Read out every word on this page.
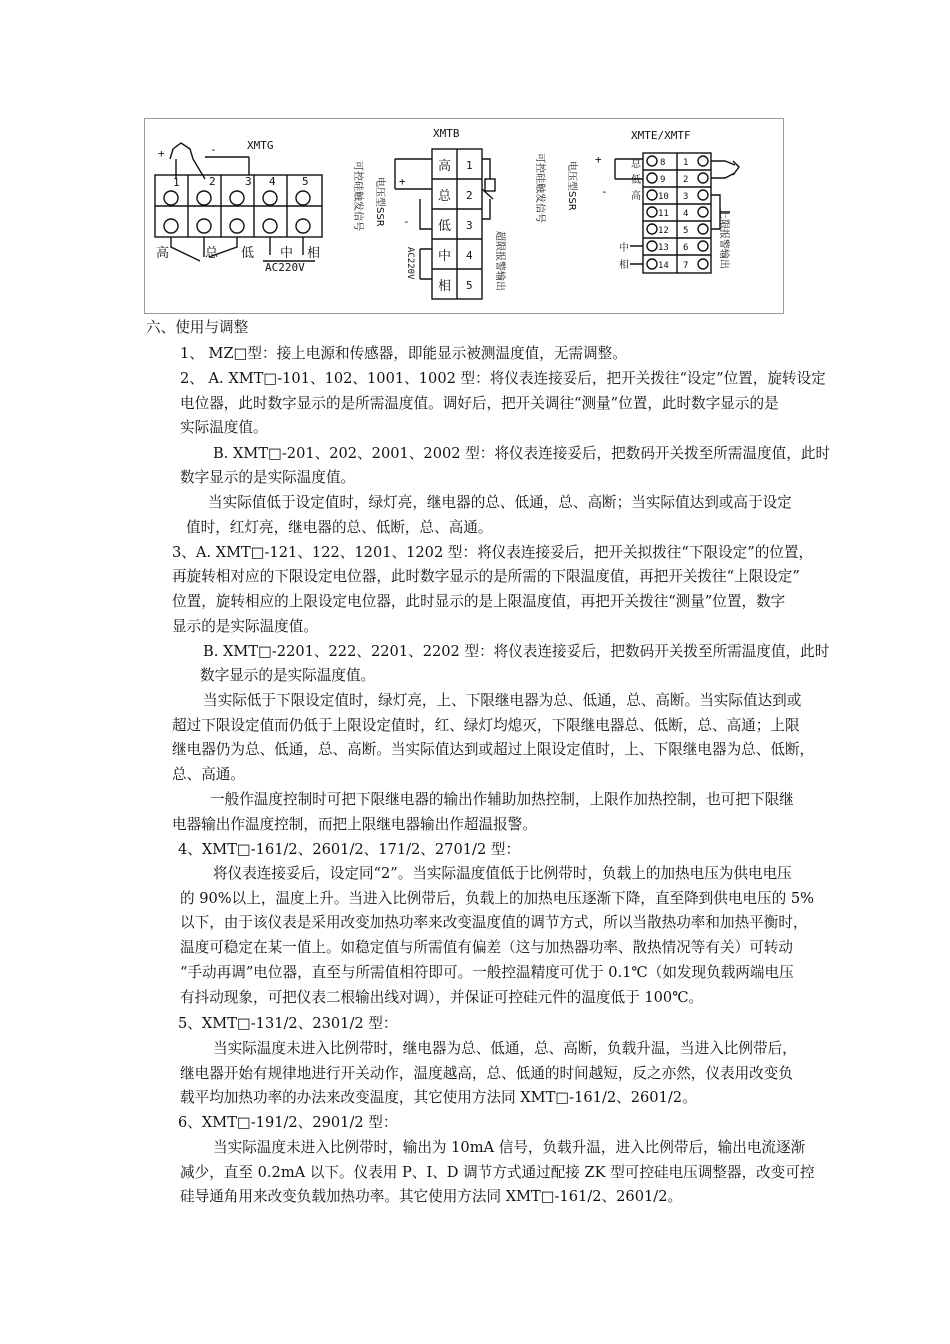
XMTG
+	-
1	2	3 4 5
高	总 低 中 相
AC220V
XMTB
可控硅触发信号 电压型SSR +
-
AC220V
高 1
总 2
低 3
中 4
相 5 超限报警输出
XMTE/XMTF
可控硅触发信号 电压型SSR
+
-
总
低
高
中
相
8 1
9 2
10 3
11 4
12 5
13 6
14 7	上限报警输出
六、使用与调整
1、 MZ□型：接上电源和传感器，即能显示被测温度值，无需调整。
2、 A. XMT□-101、102、1001、1002 型：将仪表连接妥后，把开关拨往“设定”位置，旋转设定
电位器，此时数字显示的是所需温度值。调好后，把开关调往“测量”位置，此时数字显示的是
实际温度值。
B. XMT□-201、202、2001、2002 型：将仪表连接妥后，把数码开关拨至所需温度值，此时
数字显示的是实际温度值。
当实际值低于设定值时，绿灯亮，继电器的总、低通，总、高断；当实际值达到或高于设定
值时，红灯亮，继电器的总、低断，总、高通。
3、A. XMT□-121、122、1201、1202 型：将仪表连接妥后，把开关拟拨往“下限设定”的位置，
再旋转相对应的下限设定电位器，此时数字显示的是所需的下限温度值，再把开关拨往“上限设定”
位置，旋转相应的上限设定电位器，此时显示的是上限温度值，再把开关拨往“测量”位置，数字
显示的是实际温度值。
B. XMT□-2201、222、2201、2202 型：将仪表连接妥后，把数码开关拨至所需温度值，此时
数字显示的是实际温度值。
当实际低于下限设定值时，绿灯亮，上、下限继电器为总、低通，总、高断。当实际值达到或
超过下限设定值而仍低于上限设定值时，红、绿灯均熄灭，下限继电器总、低断，总、高通；上限
继电器仍为总、低通，总、高断。当实际值达到或超过上限设定值时，上、下限继电器为总、低断，
总、高通。
一般作温度控制时可把下限继电器的输出作辅助加热控制，上限作加热控制，也可把下限继
电器输出作温度控制，而把上限继电器输出作超温报警。
4、XMT□-161/2、2601/2、171/2、2701/2 型：
将仪表连接妥后，设定同“2”。当实际温度值低于比例带时，负载上的加热电压为供电电压
的 90%以上，温度上升。当进入比例带后，负载上的加热电压逐渐下降，直至降到供电电压的 5%
以下，由于该仪表是采用改变加热功率来改变温度值的调节方式，所以当散热功率和加热平衡时，
温度可稳定在某一值上。如稳定值与所需值有偏差（这与加热器功率、散热情况等有关）可转动
“手动再调”电位器，直至与所需值相符即可。一般控温精度可优于 0.1℃（如发现负载两端电压
有抖动现象，可把仪表二根输出线对调），并保证可控硅元件的温度低于 100℃。
5、XMT□-131/2、2301/2 型：
当实际温度未进入比例带时，继电器为总、低通，总、高断，负载升温，当进入比例带后，
继电器开始有规律地进行开关动作，温度越高，总、低通的时间越短，反之亦然，仪表用改变负
载平均加热功率的办法来改变温度，其它使用方法同 XMT□-161/2、2601/2。
6、XMT□-191/2、2901/2 型：
当实际温度未进入比例带时，输出为 10mA 信号，负载升温，进入比例带后，输出电流逐渐
减少，直至 0.2mA 以下。仪表用 P、I、D 调节方式通过配接 ZK 型可控硅电压调整器，改变可控
硅导通角用来改变负载加热功率。其它使用方法同 XMT□-161/2、2601/2。
